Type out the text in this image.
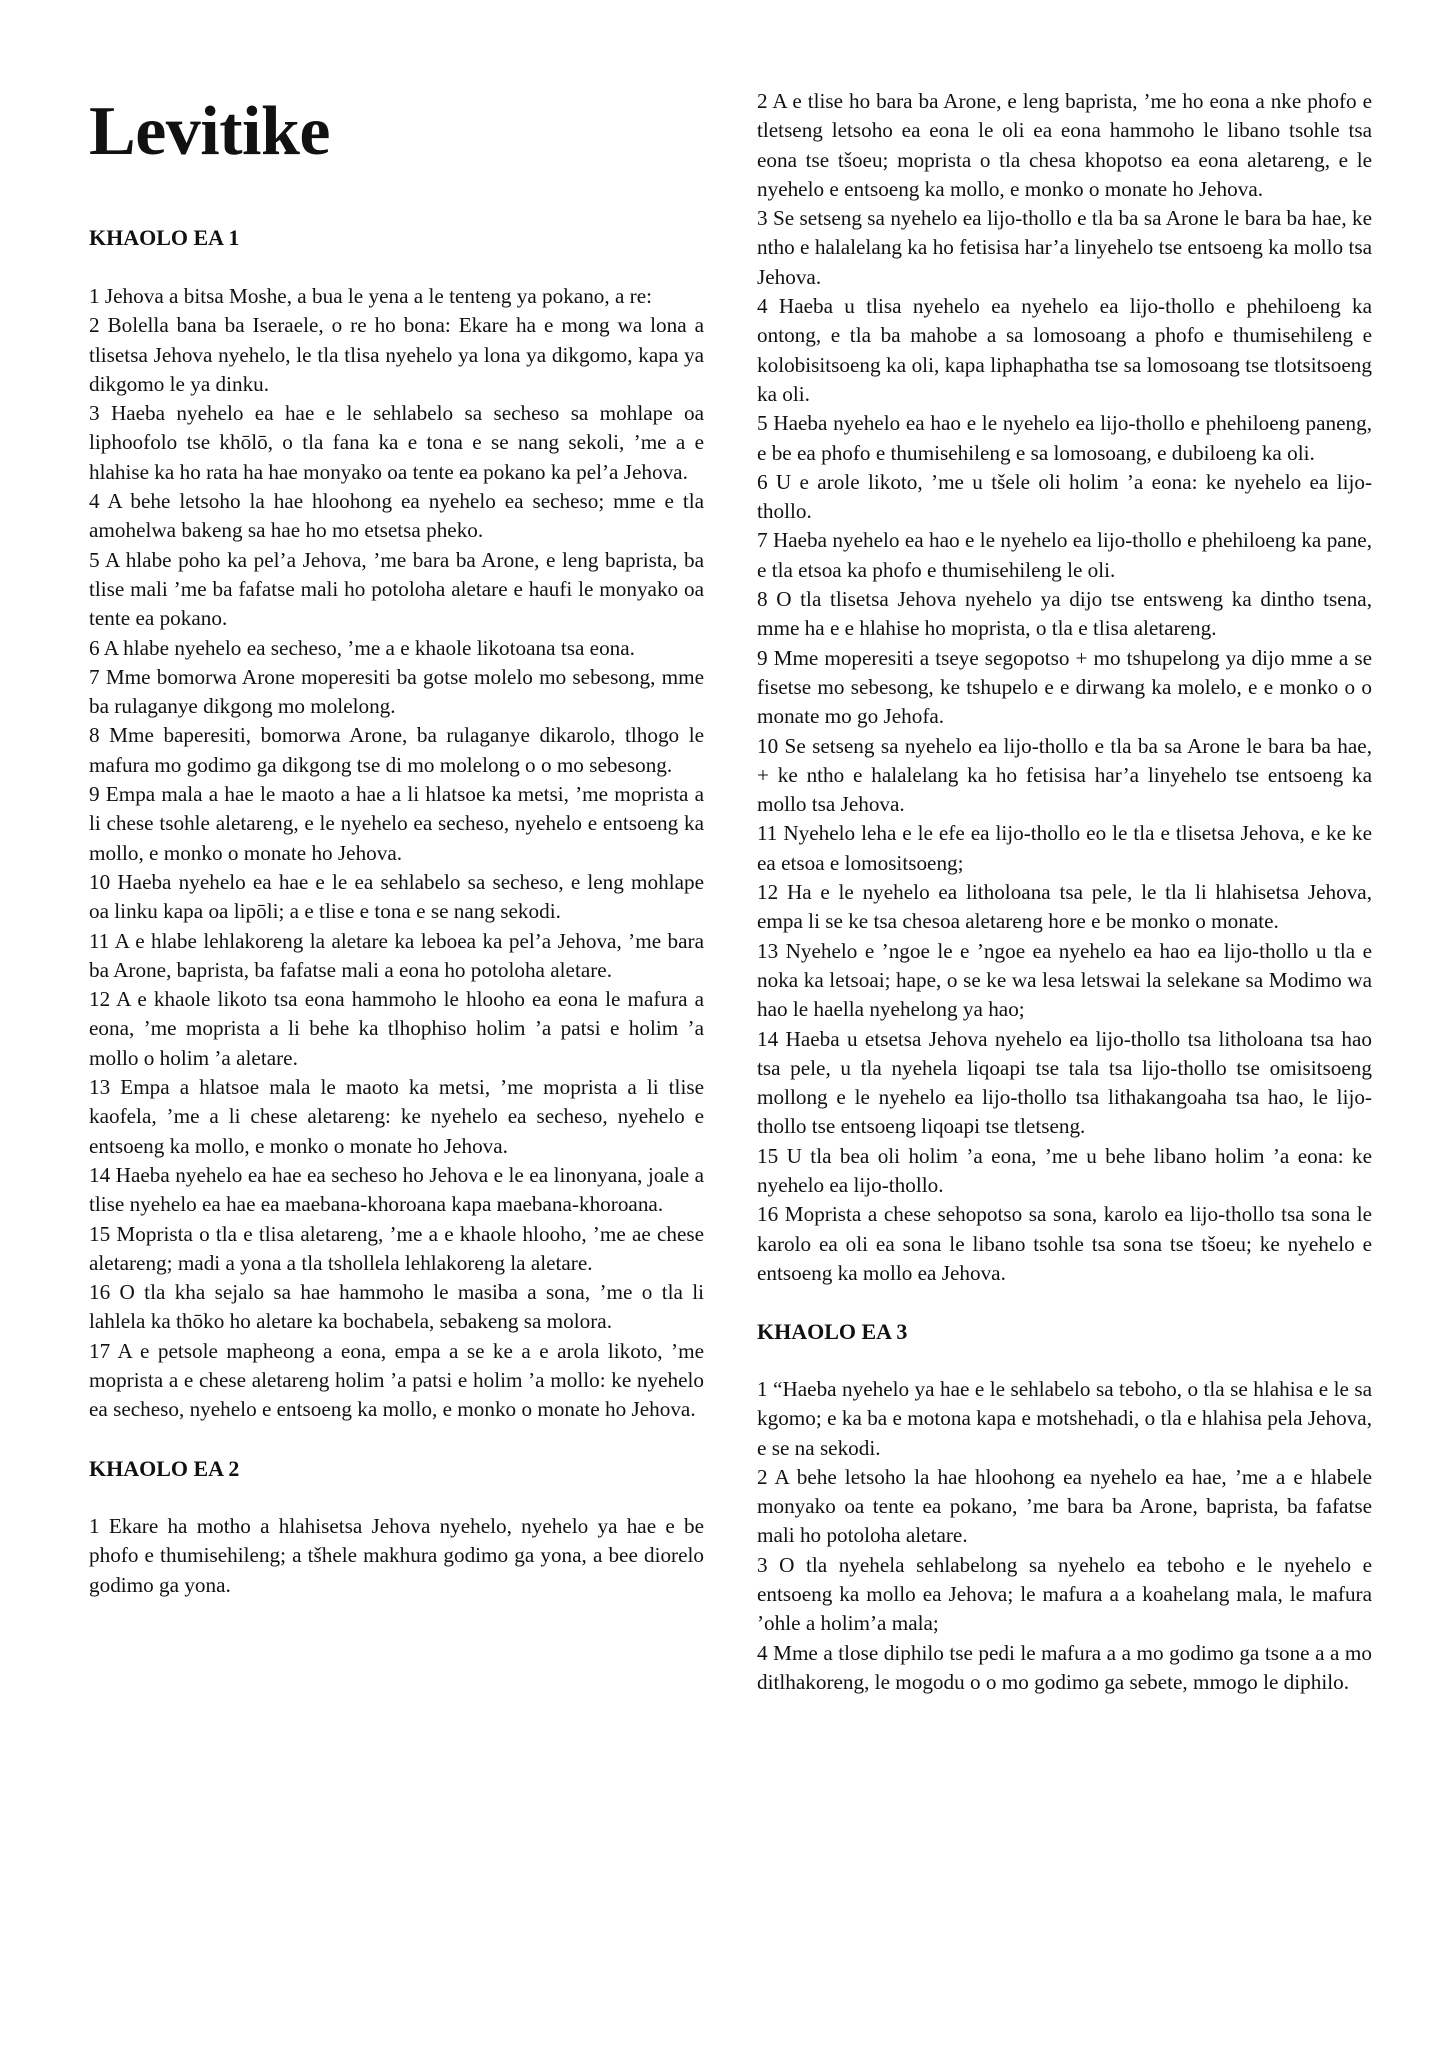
Levitike
KHAOLO EA 1

1 Jehova a bitsa Moshe, a bua le yena a le tenteng ya pokano, a re:

2 Bolella bana ba Iseraele, o re ho bona: Ekare ha e mong wa lona a tlisetsa Jehova nyehelo, le tla tlisa nyehelo ya lona ya dikgomo, kapa ya dikgomo le ya dinku.

3 Haeba nyehelo ea hae e le sehlabelo sa secheso sa mohlape oa liphoofolo tse khōlō, o tla fana ka e tona e se nang sekoli, ’me a e hlahise ka ho rata ha hae monyako oa tente ea pokano ka pel’a Jehova.

4 A behe letsoho la hae hloohong ea nyehelo ea secheso; mme e tla amohelwa bakeng sa hae ho mo etsetsa pheko.

5 A hlabe poho ka pel’a Jehova, ’me bara ba Arone, e leng baprista, ba tlise mali ’me ba fafatse mali ho potoloha aletare e haufi le monyako oa tente ea pokano.

6 A hlabe nyehelo ea secheso, ’me a e khaole likotoana tsa eona.

7 Mme bomorwa Arone moperesiti ba gotse molelo mo sebesong, mme ba rulaganye dikgong mo molelong.

8 Mme baperesiti, bomorwa Arone, ba rulaganye dikarolo, tlhogo le mafura mo godimo ga dikgong tse di mo molelong o o mo sebesong.

9 Empa mala a hae le maoto a hae a li hlatsoe ka metsi, ’me moprista a li chese tsohle aletareng, e le nyehelo ea secheso, nyehelo e entsoeng ka mollo, e monko o monate ho Jehova.

10 Haeba nyehelo ea hae e le ea sehlabelo sa secheso, e leng mohlape oa linku kapa oa lipōli; a e tlise e tona e se nang sekodi.

11 A e hlabe lehlakoreng la aletare ka leboea ka pel’a Jehova, ’me bara ba Arone, baprista, ba fafatse mali a eona ho potoloha aletare.

12 A e khaole likoto tsa eona hammoho le hlooho ea eona le mafura a eona, ’me moprista a li behe ka tlhophiso holim ’a patsi e holim ’a mollo o holim ’a aletare.

13 Empa a hlatsoe mala le maoto ka metsi, ’me moprista a li tlise kaofela, ’me a li chese aletareng: ke nyehelo ea secheso, nyehelo e entsoeng ka mollo, e monko o monate ho Jehova.

14 Haeba nyehelo ea hae ea secheso ho Jehova e le ea linonyana, joale a tlise nyehelo ea hae ea maebana-khoroana kapa maebana-khoroana.

15 Moprista o tla e tlisa aletareng, ’me a e khaole hlooho, ’me ae chese aletareng; madi a yona a tla tshollela lehlakoreng la aletare.

16 O tla kha sejalo sa hae hammoho le masiba a sona, ’me o tla li lahlela ka thōko ho aletare ka bochabela, sebakeng sa molora.

17 A e petsole mapheong a eona, empa a se ke a e arola likoto, ’me moprista a e chese aletareng holim ’a patsi e holim ’a mollo: ke nyehelo ea secheso, nyehelo e entsoeng ka mollo, e monko o monate ho Jehova.

KHAOLO EA 2

1 Ekare ha motho a hlahisetsa Jehova nyehelo, nyehelo ya hae e be phofo e thumisehileng; a tšhele makhura godimo ga yona, a bee diorelo godimo ga yona.

2 A e tlise ho bara ba Arone, e leng baprista, ’me ho eona a nke phofo e tletseng letsoho ea eona le oli ea eona hammoho le libano tsohle tsa eona tse tšoeu; moprista o tla chesa khopotso ea eona aletareng, e le nyehelo e entsoeng ka mollo, e monko o monate ho Jehova.

3 Se setseng sa nyehelo ea lijo-thollo e tla ba sa Arone le bara ba hae, ke ntho e halalelang ka ho fetisisa har’a linyehelo tse entsoeng ka mollo tsa Jehova.

4 Haeba u tlisa nyehelo ea nyehelo ea lijo-thollo e phehiloeng ka ontong, e tla ba mahobe a sa lomosoang a phofo e thumisehileng e kolobisitsoeng ka oli, kapa liphaphatha tse sa lomosoang tse tlotsitsoeng ka oli.

5 Haeba nyehelo ea hao e le nyehelo ea lijo-thollo e phehiloeng paneng, e be ea phofo e thumisehileng e sa lomosoang, e dubiloeng ka oli.

6 U e arole likoto, ’me u tšele oli holim ’a eona: ke nyehelo ea lijo-thollo.

7 Haeba nyehelo ea hao e le nyehelo ea lijo-thollo e phehiloeng ka pane, e tla etsoa ka phofo e thumisehileng le oli.

8 O tla tlisetsa Jehova nyehelo ya dijo tse entsweng ka dintho tsena, mme ha e e hlahise ho moprista, o tla e tlisa aletareng.

9 Mme moperesiti a tseye segopotso + mo tshupelong ya dijo mme a se fisetse mo sebesong, ke tshupelo e e dirwang ka molelo, e e monko o o monate mo go Jehofa.

10 Se setseng sa nyehelo ea lijo-thollo e tla ba sa Arone le bara ba hae, + ke ntho e halalelang ka ho fetisisa har’a linyehelo tse entsoeng ka mollo tsa Jehova.

11 Nyehelo leha e le efe ea lijo-thollo eo le tla e tlisetsa Jehova, e ke ke ea etsoa e lomositsoeng;

12 Ha e le nyehelo ea litholoana tsa pele, le tla li hlahisetsa Jehova, empa li se ke tsa chesoa aletareng hore e be monko o monate.

13 Nyehelo e ’ngoe le e ’ngoe ea nyehelo ea hao ea lijo-thollo u tla e noka ka letsoai; hape, o se ke wa lesa letswai la selekane sa Modimo wa hao le haella nyehelong ya hao;

14 Haeba u etsetsa Jehova nyehelo ea lijo-thollo tsa litholoana tsa hao tsa pele, u tla nyehela liqoapi tse tala tsa lijo-thollo tse omisitsoeng mollong e le nyehelo ea lijo-thollo tsa lithakangoaha tsa hao, le lijo-thollo tse entsoeng liqoapi tse tletseng.

15 U tla bea oli holim ’a eona, ’me u behe libano holim ’a eona: ke nyehelo ea lijo-thollo.

16 Moprista a chese sehopotso sa sona, karolo ea lijo-thollo tsa sona le karolo ea oli ea sona le libano tsohle tsa sona tse tšoeu; ke nyehelo e entsoeng ka mollo ea Jehova.

KHAOLO EA 3

1 “Haeba nyehelo ya hae e le sehlabelo sa teboho, o tla se hlahisa e le sa kgomo; e ka ba e motona kapa e motshehadi, o tla e hlahisa pela Jehova, e se na sekodi.

2 A behe letsoho la hae hloohong ea nyehelo ea hae, ’me a e hlabele monyako oa tente ea pokano, ’me bara ba Arone, baprista, ba fafatse mali ho potoloha aletare.

3 O tla nyehela sehlabelong sa nyehelo ea teboho e le nyehelo e entsoeng ka mollo ea Jehova; le mafura a a koahelang mala, le mafura ’ohle a holim’a mala;

4 Mme a tlose diphilo tse pedi le mafura a a mo godimo ga tsone a a mo ditlhakoreng, le mogodu o o mo godimo ga sebete, mmogo le diphilo.
